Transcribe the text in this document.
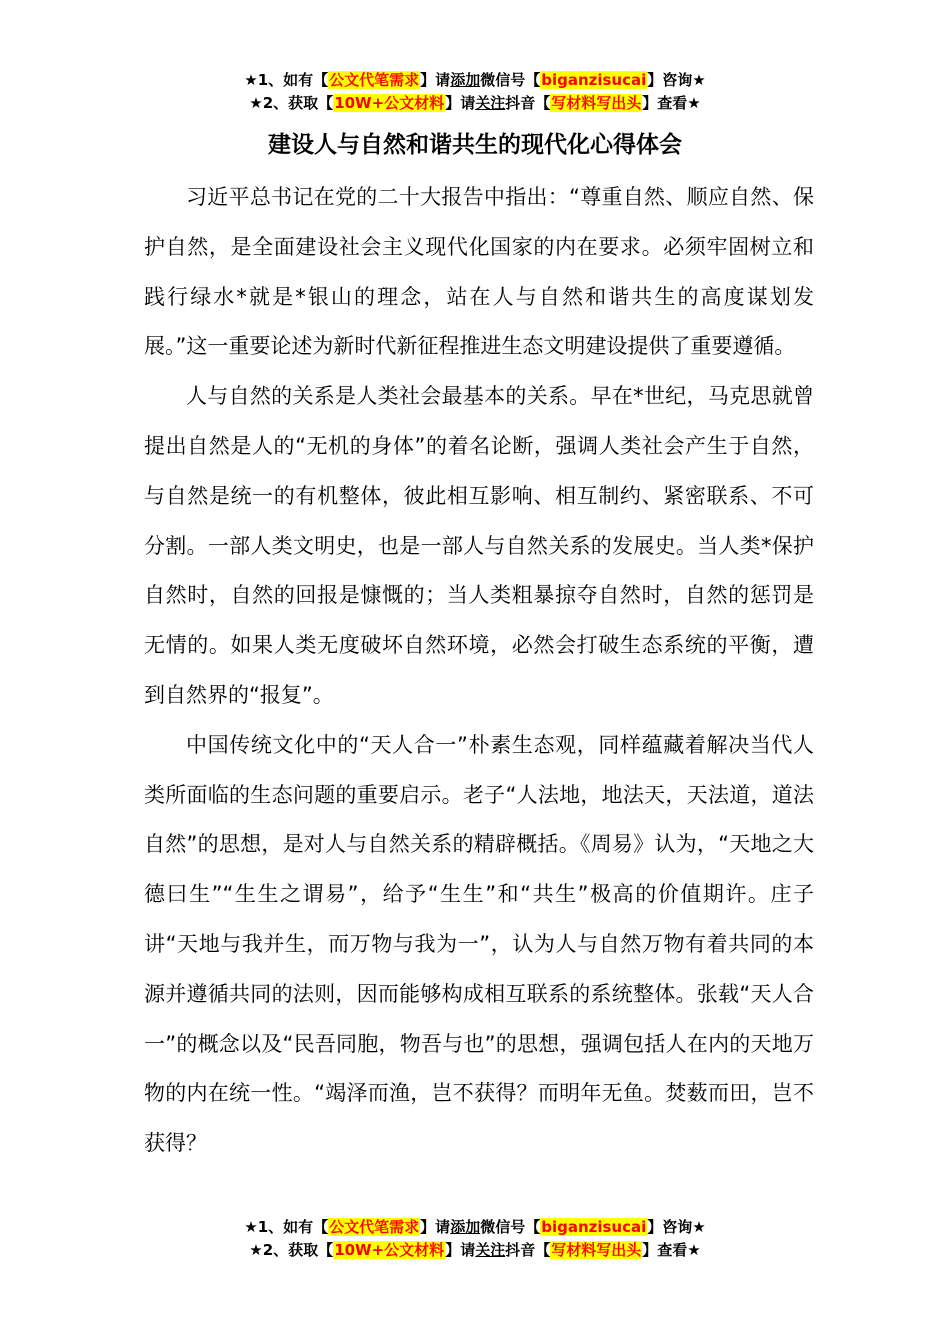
★1、如有【公文代笔需求】请添加微信号【biganzisucai】咨询★
★2、获取【10W+公文材料】请关注抖音【写材料写出头】查看★
建设人与自然和谐共生的现代化心得体会

习近平总书记在党的二十大报告中指出：“尊重自然、顺应自然、保护自然，是全面建设社会主义现代化国家的内在要求。必须牢固树立和践行绿水*就是*银山的理念，站在人与自然和谐共生的高度谋划发展。”这一重要论述为新时代新征程推进生态文明建设提供了重要遵循。

人与自然的关系是人类社会最基本的关系。早在*世纪，马克思就曾提出自然是人的“无机的身体”的着名论断，强调人类社会产生于自然，与自然是统一的有机整体，彼此相互影响、相互制约、紧密联系、不可分割。一部人类文明史，也是一部人与自然关系的发展史。当人类*保护自然时，自然的回报是慷慨的；当人类粗暴掠夺自然时，自然的惩罚是无情的。如果人类无度破坏自然环境，必然会打破生态系统的平衡，遭到自然界的“报复”。

中国传统文化中的“天人合一”朴素生态观，同样蕴藏着解决当代人类所面临的生态问题的重要启示。老子“人法地，地法天，天法道，道法自然”的思想，是对人与自然关系的精辟概括。《周易》认为，“天地之大德曰生”“生生之谓易”，给予“生生”和“共生”极高的价值期许。庄子讲“天地与我并生，而万物与我为一”，认为人与自然万物有着共同的本源并遵循共同的法则，因而能够构成相互联系的系统整体。张载“天人合一”的概念以及“民吾同胞，物吾与也”的思想，强调包括人在内的天地万物的内在统一性。“竭泽而渔，岂不获得？而明年无鱼。焚薮而田，岂不获得？

★1、如有【公文代笔需求】请添加微信号【biganzisucai】咨询★
★2、获取【10W+公文材料】请关注抖音【写材料写出头】查看★
